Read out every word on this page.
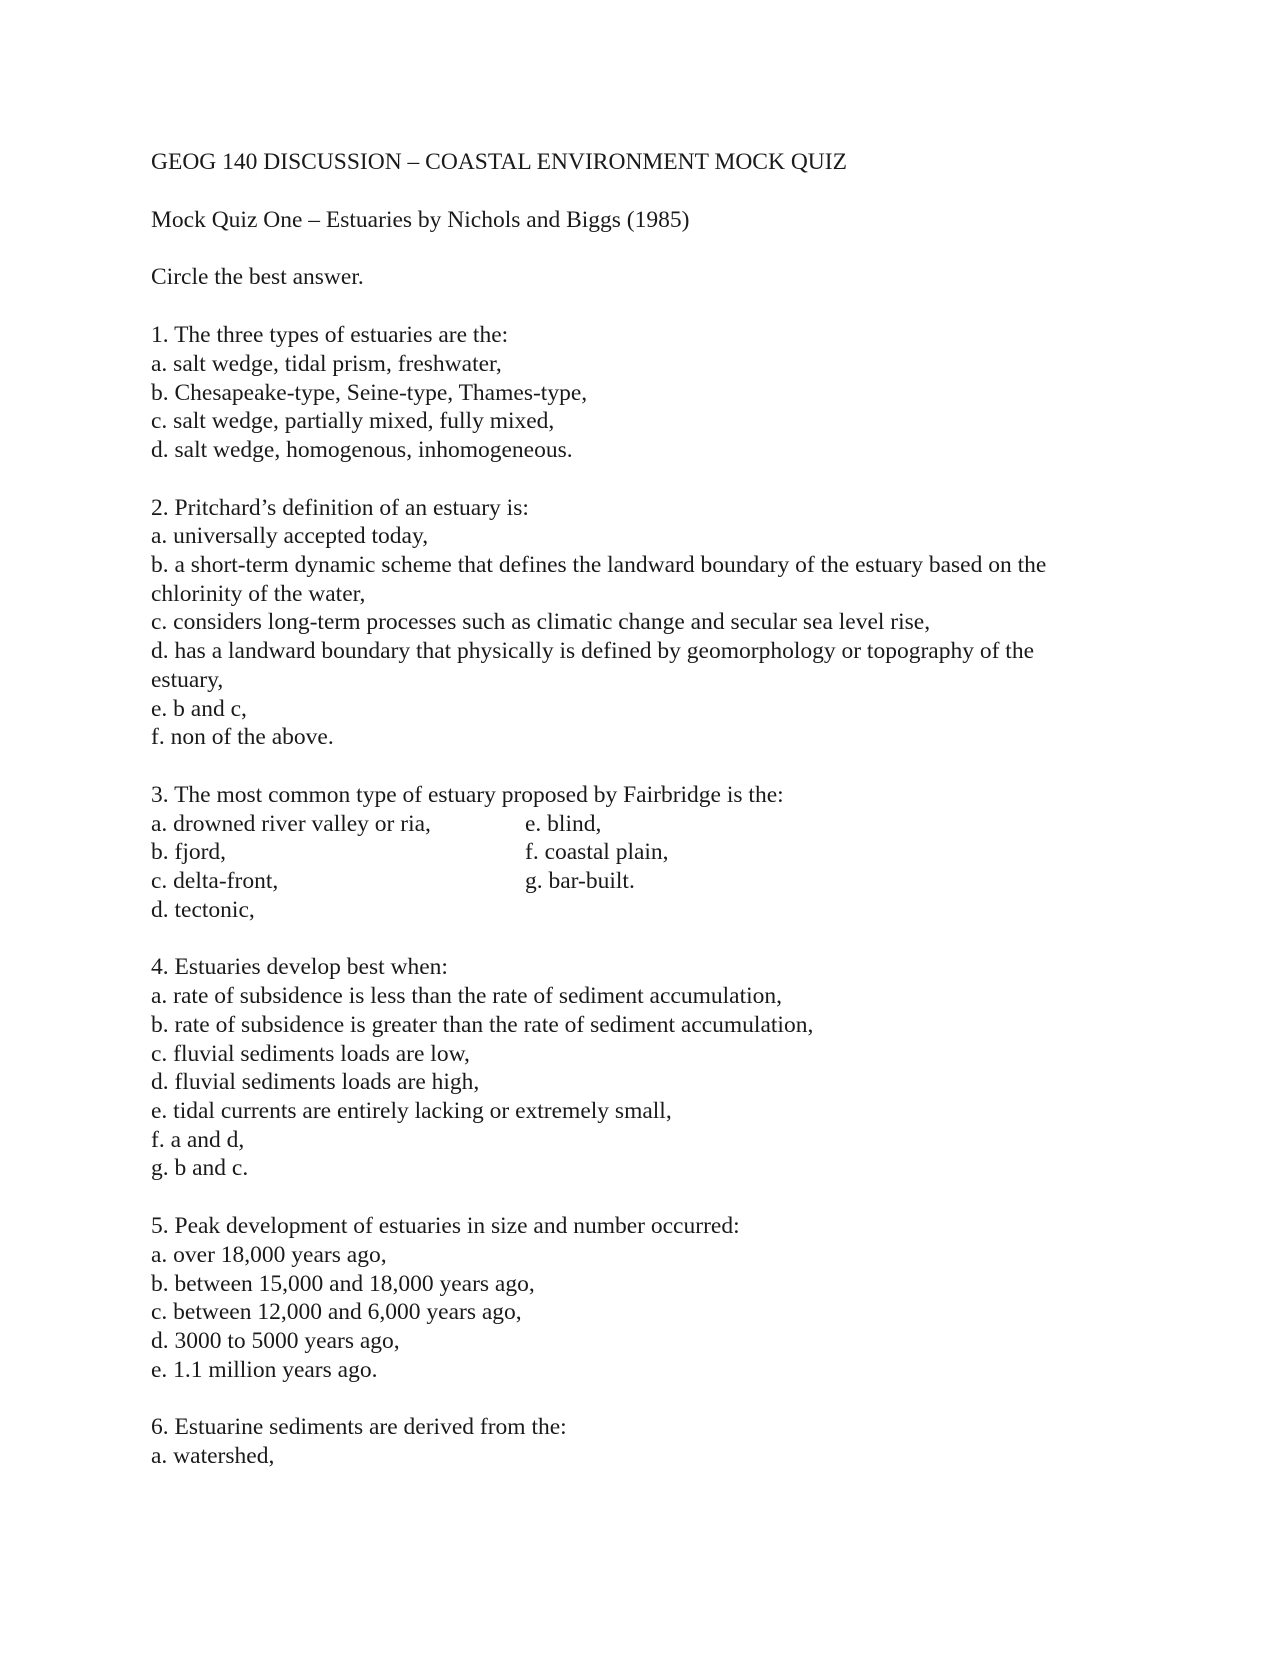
GEOG 140 DISCUSSION – COASTAL ENVIRONMENT MOCK QUIZ

Mock Quiz One – Estuaries by Nichols and Biggs (1985)

Circle the best answer.

1. The three types of estuaries are the:

a. salt wedge, tidal prism, freshwater,

b. Chesapeake-type, Seine-type, Thames-type,

c. salt wedge, partially mixed, fully mixed,

d. salt wedge, homogenous, inhomogeneous.

2. Pritchard’s definition of an estuary is:

a. universally accepted today,

b. a short-term dynamic scheme that defines the landward boundary of the estuary based on the chlorinity of the water,

c. considers long-term processes such as climatic change and secular sea level rise,

d. has a landward boundary that physically is defined by geomorphology or topography of the estuary,

e. b and c,

f. non of the above.

3. The most common type of estuary proposed by Fairbridge is the:

a. drowned river valley or ria,	e. blind,
b. fjord,	f. coastal plain,
c. delta-front,	g. bar-built.
d. tectonic,

4. Estuaries develop best when:

a. rate of subsidence is less than the rate of sediment accumulation,

b. rate of subsidence is greater than the rate of sediment accumulation,

c. fluvial sediments loads are low,

d. fluvial sediments loads are high,

e. tidal currents are entirely lacking or extremely small,

f. a and d,

g. b and c.

5. Peak development of estuaries in size and number occurred:

a. over 18,000 years ago,

b. between 15,000 and 18,000 years ago,

c. between 12,000 and 6,000 years ago,

d. 3000 to 5000 years ago,

e. 1.1 million years ago.

6. Estuarine sediments are derived from the:

a. watershed,
